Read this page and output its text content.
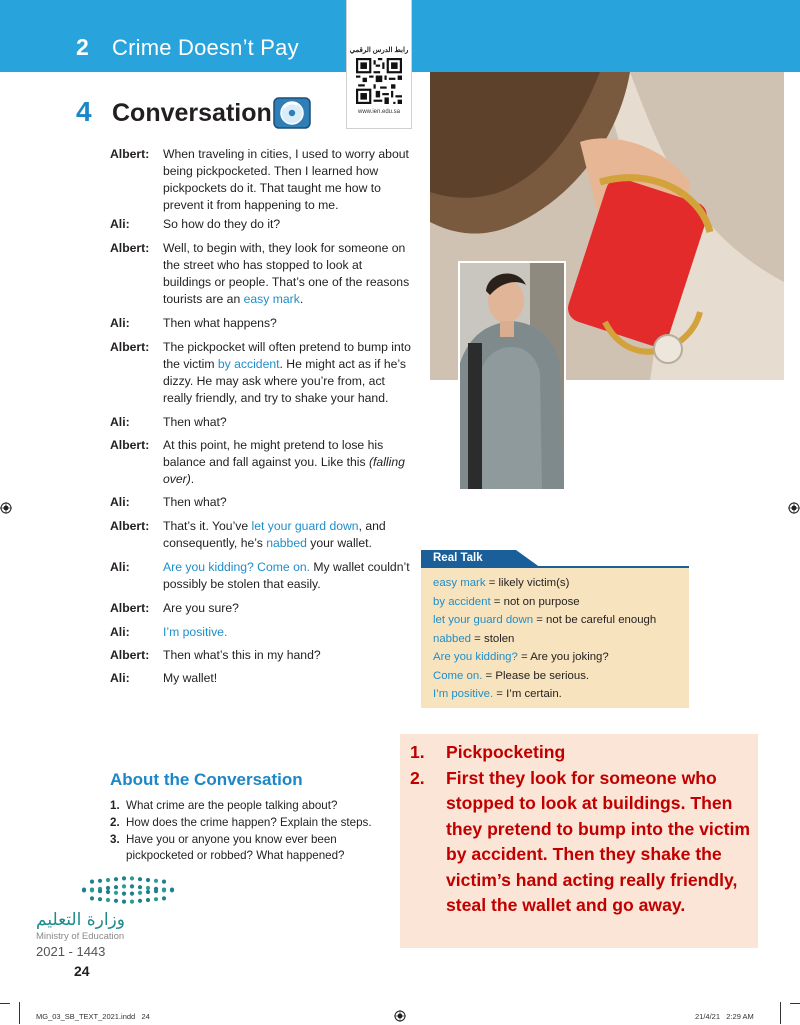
2 Crime Doesn’t Pay	رابط الدرس الرقمي
www.ien.edu.sa
4 Conversation
Albert: When traveling in cities, I used to worry about being pickpocketed. Then I learned how pickpockets do it. That taught me how to prevent it from happening to me.
Ali:	So how do they do it?
Albert: Well, to begin with, they look for someone on the street who has stopped to look at buildings or people. That’s one of the reasons tourists are an easy mark.
Ali:	Then what happens?
Albert: The pickpocket will often pretend to bump into the victim by accident. He might act as if he’s dizzy. He may ask where you’re from, act really friendly, and try to shake your hand.
Ali:	Then what?
Albert: At this point, he might pretend to lose his balance and fall against you. Like this (falling over).
Ali:	Then what?
Albert: That’s it. You’ve let your guard down, and consequently, he’s nabbed your wallet.
Ali:	Are you kidding? Come on. My wallet couldn’t possibly be stolen that easily.
Albert: Are you sure?
Ali:	I’m positive.
Albert: Then what’s this in my hand?
Ali:	My wallet!
Real Talk
easy mark = likely victim(s)
by accident = not on purpose
let your guard down = not be careful enough
nabbed = stolen
Are you kidding? = Are you joking?
Come on. = Please be serious.
I’m positive. = I’m certain.
About the Conversation
1. What crime are the people talking about?
2. How does the crime happen? Explain the steps.
3. Have you or anyone you know ever been pickpocketed or robbed? What happened?
1. Pickpocketing
2. First they look for someone who stopped to look at buildings. Then they pretend to bump into the victim by accident. Then they shake the victim’s hand acting really friendly, steal the wallet and go away.
وزارة التعليم
Ministry of Education
2021 - 1443
24
MG_03_SB_TEXT_2021.indd   24	21/4/21   2:29 AM
